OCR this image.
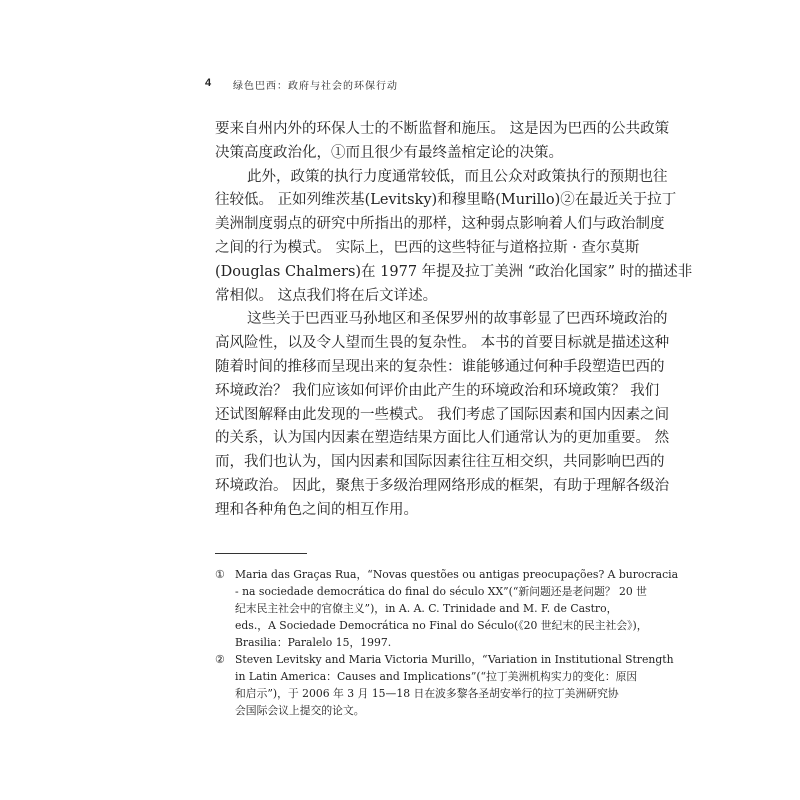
4 绿色巴西：政府与社会的环保行动
要来自州内外的环保人士的不断监督和施压。 这是因为巴西的公共政策
决策高度政治化，①而且很少有最终盖棺定论的决策。
此外，政策的执行力度通常较低，而且公众对政策执行的预期也往
往较低。 正如列维茨基(Levitsky)和穆里略(Murillo)②在最近关于拉丁
美洲制度弱点的研究中所指出的那样，这种弱点影响着人们与政治制度
之间的行为模式。 实际上，巴西的这些特征与道格拉斯 · 查尔莫斯
(Douglas Chalmers)在 1977 年提及拉丁美洲 “政治化国家” 时的描述非
常相似。 这点我们将在后文详述。
这些关于巴西亚马孙地区和圣保罗州的故事彰显了巴西环境政治的
高风险性，以及令人望而生畏的复杂性。 本书的首要目标就是描述这种
随着时间的推移而呈现出来的复杂性：谁能够通过何种手段塑造巴西的
环境政治？ 我们应该如何评价由此产生的环境政治和环境政策？ 我们
还试图解释由此发现的一些模式。 我们考虑了国际因素和国内因素之间
的关系，认为国内因素在塑造结果方面比人们通常认为的更加重要。 然
而，我们也认为，国内因素和国际因素往往互相交织，共同影响巴西的
环境政治。 因此，聚焦于多级治理网络形成的框架，有助于理解各级治
理和各种角色之间的相互作用。
① Maria das Graças Rua，“Novas questões ou antigas preocupações? A burocracia
- na sociedade democrática do final do século XX”(“新问题还是老问题？ 20 世
纪末民主社会中的官僚主义”)，in A. A. C. Trinidade and M. F. de Castro，
eds.，A Sociedade Democrática no Final do Século(《20 世纪末的民主社会》)，
Brasilia：Paralelo 15，1997.
② Steven Levitsky and Maria Victoria Murillo，“Variation in Institutional Strength
in Latin America：Causes and Implications”(“拉丁美洲机构实力的变化：原因
和启示”)，于 2006 年 3 月 15—18 日在波多黎各圣胡安举行的拉丁美洲研究协
会国际会议上提交的论文。
